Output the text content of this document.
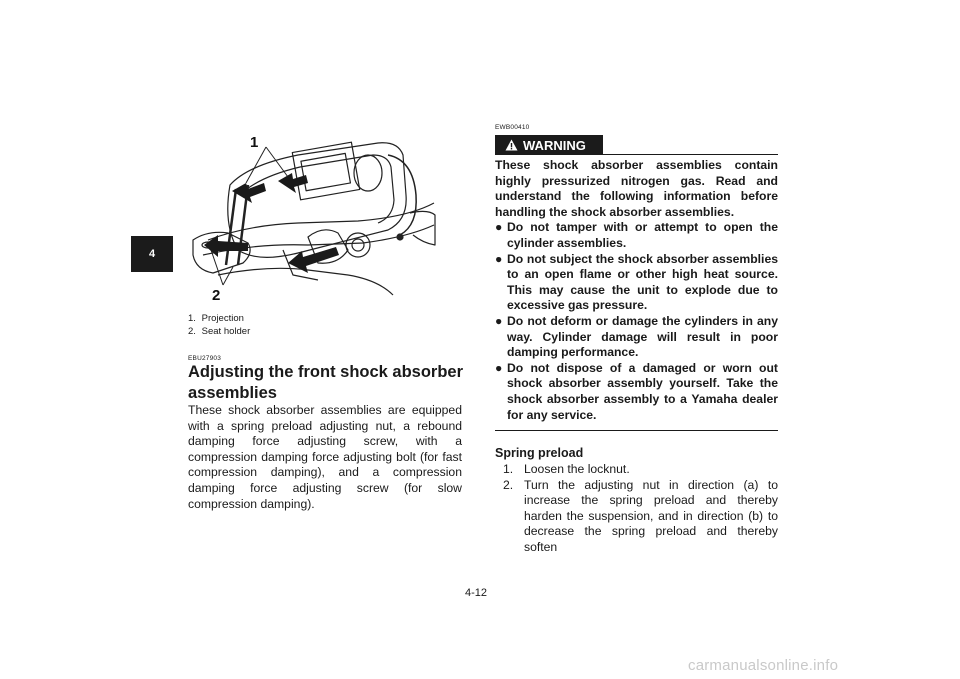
4
1
2
1. Projection
2. Seat holder
EBU27903
Adjusting the front shock absorber assemblies
These shock absorber assemblies are equipped with a spring preload adjusting nut, a rebound damping force adjusting screw, with a compression damping force adjusting bolt (for fast compression damping), and a compression damping force adjusting screw (for slow compression damping).
EWB00410
WARNING

These shock absorber assemblies contain highly pressurized nitrogen gas. Read and understand the following information before handling the shock absorber assemblies.

● Do not tamper with or attempt to open the cylinder assemblies.
● Do not subject the shock absorber assemblies to an open flame or other high heat source. This may cause the unit to explode due to excessive gas pressure.
● Do not deform or damage the cylinders in any way. Cylinder damage will result in poor damping performance.
● Do not dispose of a damaged or worn out shock absorber assembly yourself. Take the shock absorber assembly to a Yamaha dealer for any service.
Spring preload
1. Loosen the locknut.
2. Turn the adjusting nut in direction (a) to increase the spring preload and thereby harden the suspension, and in direction (b) to decrease the spring preload and thereby soften
4-12
carmanualsonline.info
